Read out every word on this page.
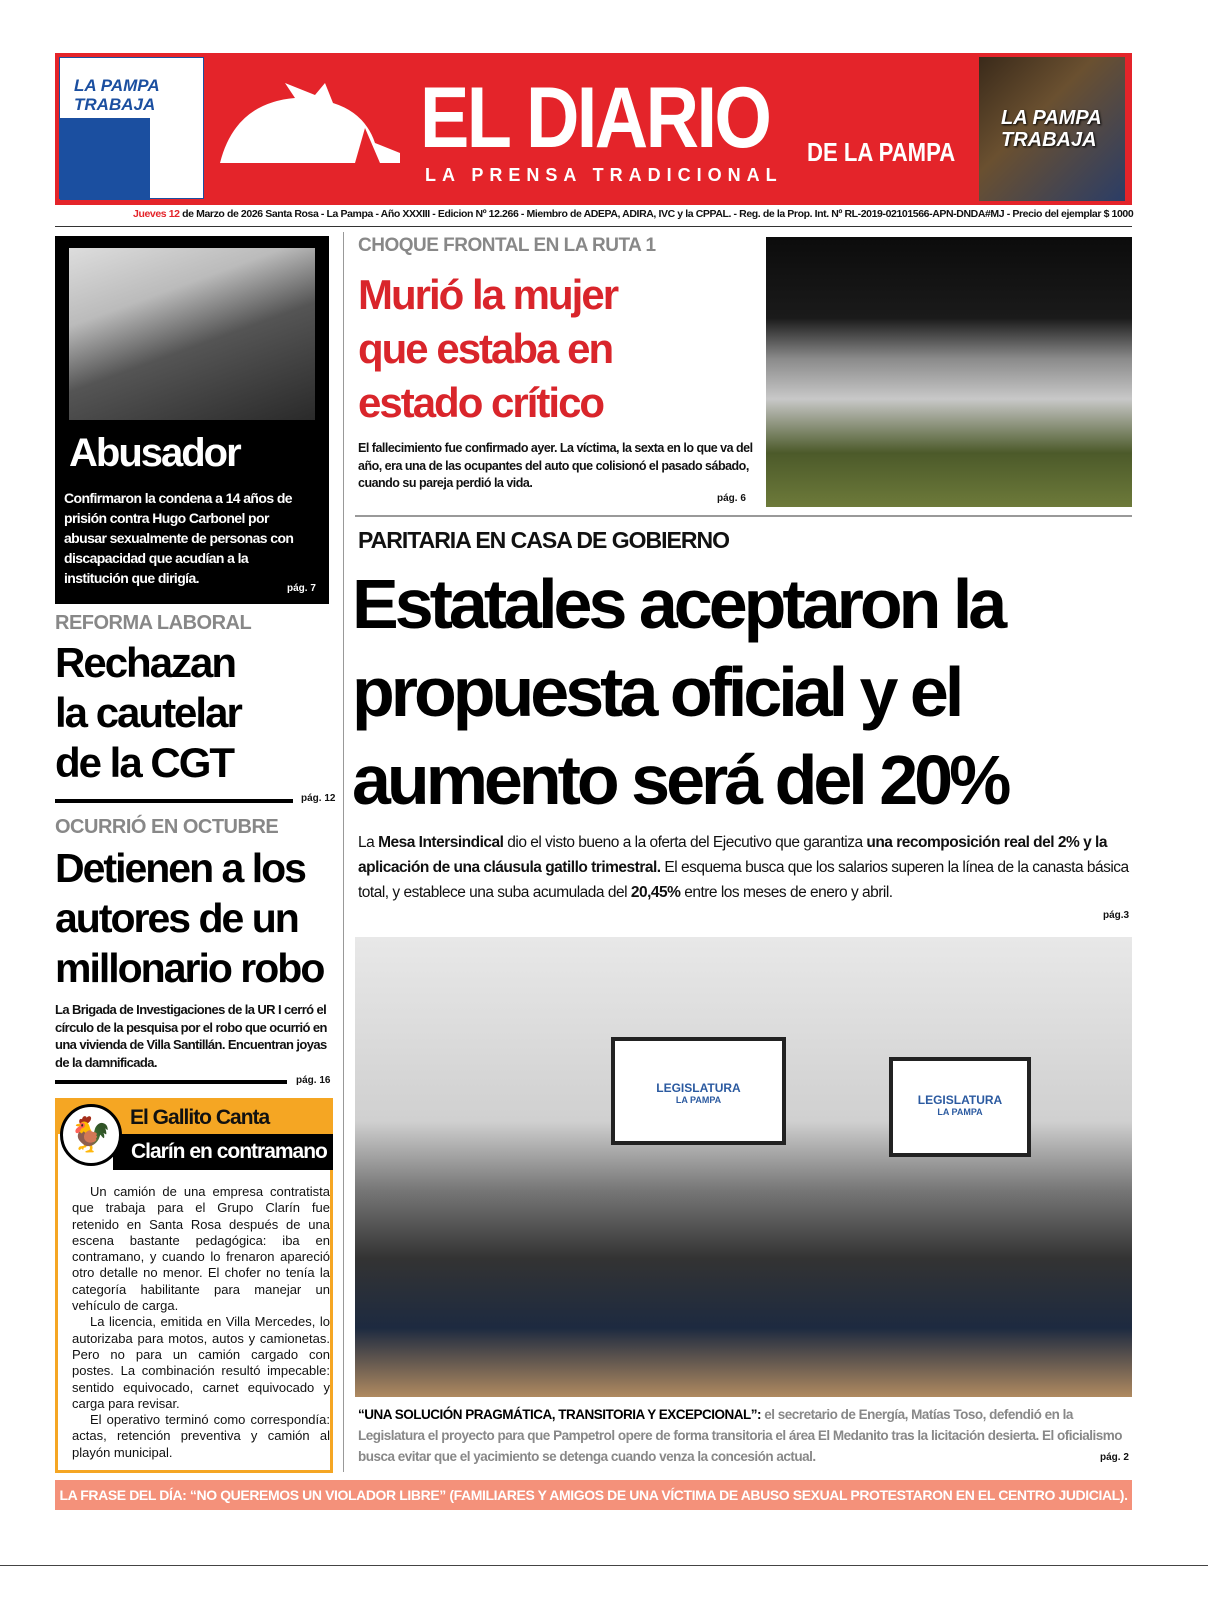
LA PAMPA TRABAJA	EL DIARIO DE LA PAMPA
LA PRENSA TRADICIONAL
LA PAMPA TRABAJA
Jueves 12 de Marzo de 2026 Santa Rosa - La Pampa - Año XXXIII - Edicion Nº 12.266 - Miembro de ADEPA, ADIRA, IVC y la CPPAL. - Reg. de la Prop. Int. Nº RL-2019-02101566-APN-DNDA#MJ - Precio del ejemplar $ 1000
Abusador

Confirmaron la condena a 14 años de prisión contra Hugo Carbonel por abusar sexualmente de personas con discapacidad que acudían a la institución que dirigía.

pág. 7
REFORMA LABORAL
Rechazan la cautelar de la CGT
pág. 12
OCURRIÓ EN OCTUBRE
Detienen a los autores de un millonario robo
La Brigada de Investigaciones de la UR I cerró el círculo de la pesquisa por el robo que ocurrió en una vivienda de Villa Santillán. Encuentran joyas de la damnificada.
pág. 16
El Gallito Canta
Clarín en contramano
🐓

Un camión de una empresa contratista que trabaja para el Grupo Clarín fue retenido en Santa Rosa después de una escena bastante pedagógica: iba en contramano, y cuando lo frenaron apareció otro detalle no menor. El chofer no tenía la categoría habilitante para manejar un vehículo de carga.

La licencia, emitida en Villa Mercedes, lo autorizaba para motos, autos y camionetas. Pero no para un camión cargado con postes. La combinación resultó impecable: sentido equivocado, carnet equivocado y carga para revisar.

El operativo terminó como correspondía: actas, retención preventiva y camión al playón municipal.

CHOQUE FRONTAL EN LA RUTA 1
Murió la mujer que estaba en estado crítico
El fallecimiento fue confirmado ayer. La víctima, la sexta en lo que va del año, era una de las ocupantes del auto que colisionó el pasado sábado, cuando su pareja perdió la vida.
pág. 6
PARITARIA EN CASA DE GOBIERNO
Estatales aceptaron la propuesta oficial y el aumento será del 20%
La Mesa Intersindical dio el visto bueno a la oferta del Ejecutivo que garantiza una recomposición real del 2% y la aplicación de una cláusula gatillo trimestral. El esquema busca que los salarios superen la línea de la canasta básica total, y establece una suba acumulada del 20,45% entre los meses de enero y abril.
pág.3
LEGISLATURA
LA PAMPA	LEGISLATURA
LA PAMPA
“UNA SOLUCIÓN PRAGMÁTICA, TRANSITORIA Y EXCEPCIONAL”: el secretario de Energía, Matías Toso, defendió en la Legislatura el proyecto para que Pampetrol opere de forma transitoria el área El Medanito tras la licitación desierta. El oficialismo busca evitar que el yacimiento se detenga cuando venza la concesión actual.	pág. 2
LA FRASE DEL DÍA: “NO QUEREMOS UN VIOLADOR LIBRE” (FAMILIARES Y AMIGOS DE UNA VÍCTIMA DE ABUSO SEXUAL PROTESTARON EN EL CENTRO JUDICIAL). pág. 5
